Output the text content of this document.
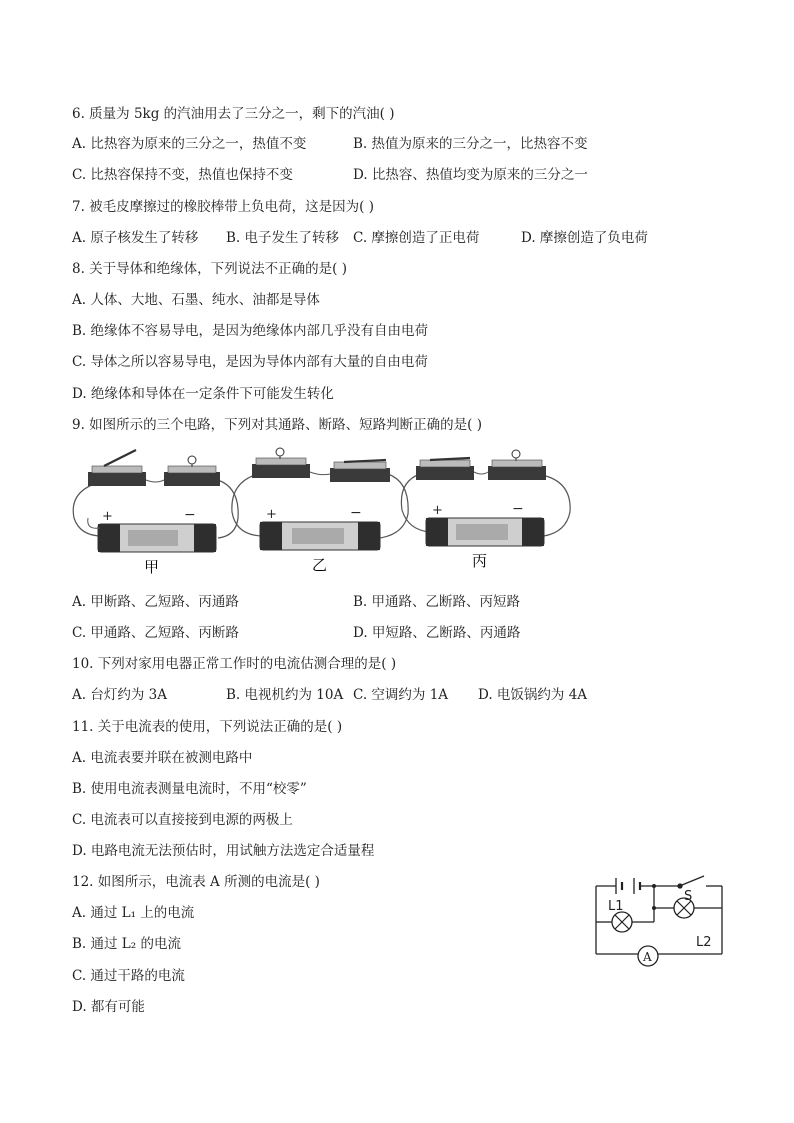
6. 质量为 5kg 的汽油用去了三分之一，剩下的汽油( )
A. 比热容为原来的三分之一，热值不变	B. 热值为原来的三分之一，比热容不变
C. 比热容保持不变，热值也保持不变	D. 比热容、热值均变为原来的三分之一
7. 被毛皮摩擦过的橡胶棒带上负电荷，这是因为( )
A. 原子核发生了转移 B. 电子发生了转移 C. 摩擦创造了正电荷	D. 摩擦创造了负电荷
8. 关于导体和绝缘体，下列说法不正确的是( )
A. 人体、大地、石墨、纯水、油都是导体
B. 绝缘体不容易导电，是因为绝缘体内部几乎没有自由电荷
C. 导体之所以容易导电，是因为导体内部有大量的自由电荷
D. 绝缘体和导体在一定条件下可能发生转化
9. 如图所示的三个电路，下列对其通路、断路、短路判断正确的是( )
+	−	+	−	+	−
甲	乙	丙
A. 甲断路、乙短路、丙通路	B. 甲通路、乙断路、丙短路
C. 甲通路、乙短路、丙断路	D. 甲短路、乙断路、丙通路
10. 下列对家用电器正常工作时的电流估测合理的是( )
A. 台灯约为 3A	B. 电视机约为 10A C. 空调约为 1A D. 电饭锅约为 4A
11. 关于电流表的使用，下列说法正确的是( )
A. 电流表要并联在被测电路中
B. 使用电流表测量电流时，不用“校零”
C. 电流表可以直接接到电源的两极上
D. 电路电流无法预估时，用试触方法选定合适量程
12. 如图所示，电流表 A 所测的电流是( )
A. 通过 L₁ 上的电流
B. 通过 L₂ 的电流
C. 通过干路的电流
D. 都有可能
A
S
L1
L2
